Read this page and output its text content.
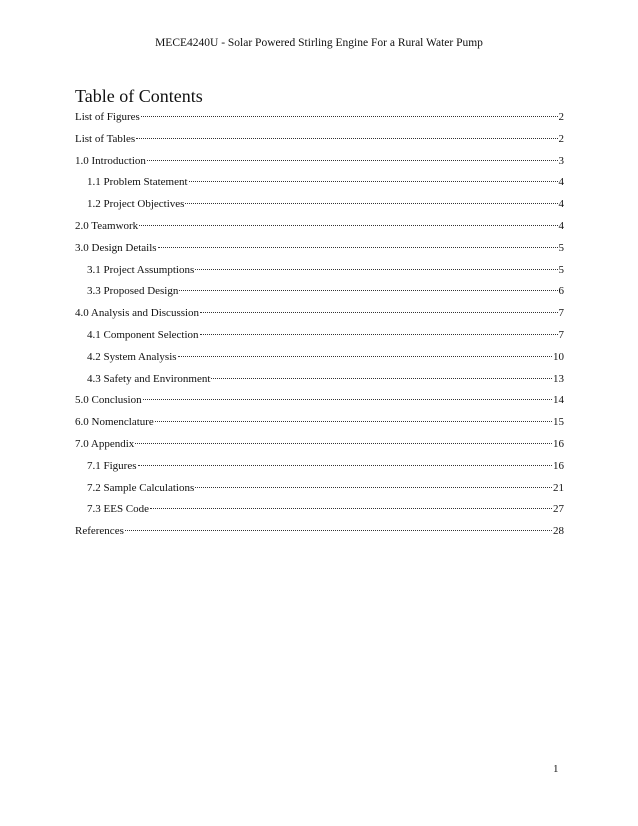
MECE4240U - Solar Powered Stirling Engine For a Rural Water Pump
Table of Contents
List of Figures	2
List of Tables	2
1.0 Introduction	3
1.1 Problem Statement	4
1.2 Project Objectives	4
2.0 Teamwork	4
3.0 Design Details	5
3.1 Project Assumptions	5
3.3 Proposed Design	6
4.0 Analysis and Discussion	7
4.1 Component Selection	7
4.2 System Analysis	10
4.3 Safety and Environment	13
5.0 Conclusion	14
6.0 Nomenclature	15
7.0 Appendix	16
7.1 Figures	16
7.2 Sample Calculations	21
7.3 EES Code	27
References	28
1
